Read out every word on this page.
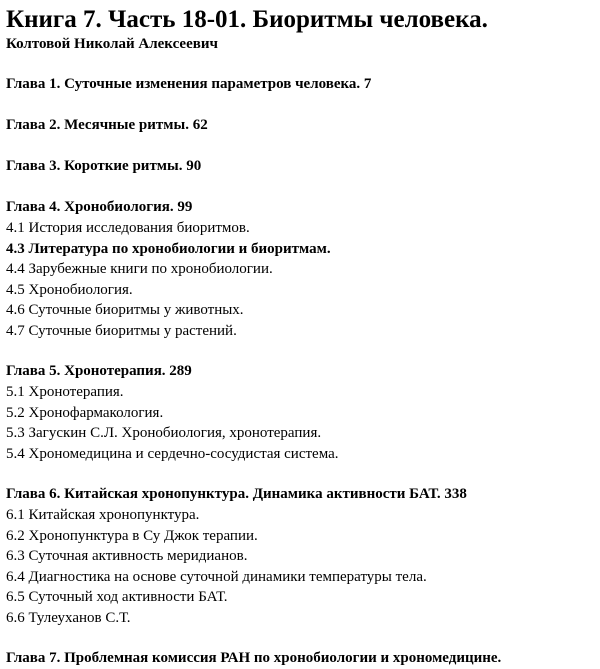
Книга 7. Часть 18-01. Биоритмы человека.
Колтовой Николай Алексеевич
Глава 1. Суточные изменения параметров человека. 7
Глава 2. Месячные ритмы. 62
Глава 3. Короткие ритмы. 90
Глава 4. Хронобиология. 99
4.1 История исследования биоритмов.
4.3 Литература по хронобиологии и биоритмам.
4.4 Зарубежные книги по хронобиологии.
4.5 Хронобиология.
4.6 Суточные биоритмы у животных.
4.7 Суточные биоритмы у растений.
Глава 5. Хронотерапия. 289
5.1 Хронотерапия.
5.2 Хронофармакология.
5.3 Загускин С.Л. Хронобиология, хронотерапия.
5.4 Хрономедицина и сердечно-сосудистая система.
Глава 6. Китайская хронопунктура. Динамика активности БАТ. 338
6.1 Китайская хронопунктура.
6.2 Хронопунктура в Су Джок терапии.
6.3 Суточная активность меридианов.
6.4 Диагностика на основе суточной динамики температуры тела.
6.5 Суточный ход активности БАТ.
6.6 Тулеуханов С.Т.
Глава 7. Проблемная комиссия РАН по хронобиологии и хрономедицине.
